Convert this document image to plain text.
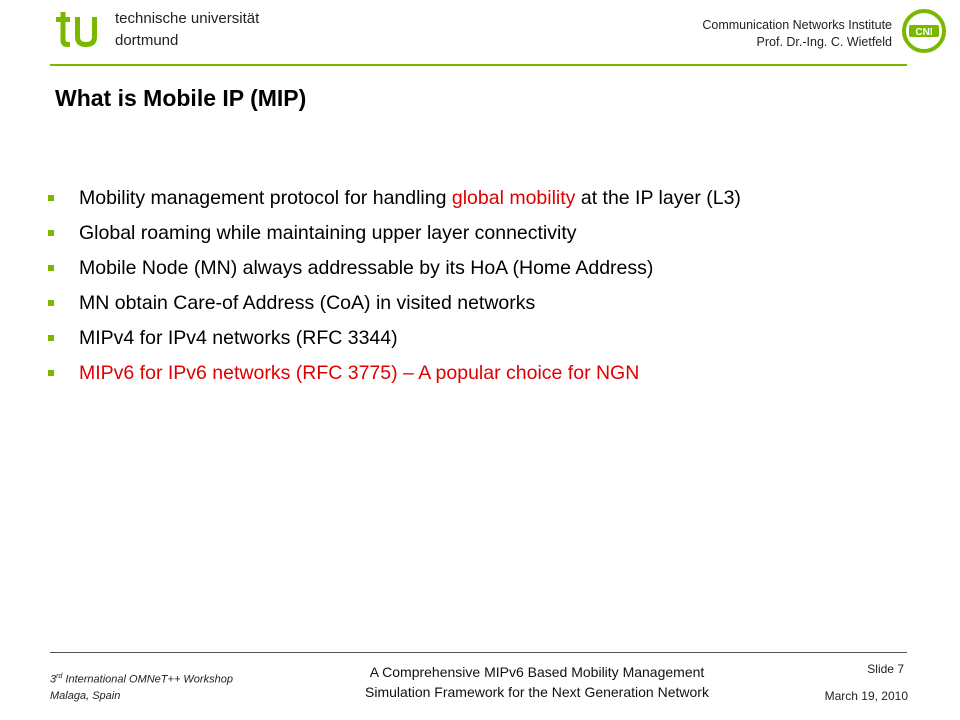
technische universität
dortmund
Communication Networks Institute
Prof. Dr.-Ing. C. Wietfeld
CNI
What is Mobile IP (MIP)
Mobility management protocol for handling global mobility at the IP layer (L3)
Global roaming while maintaining upper layer connectivity
Mobile Node (MN) always addressable by its HoA (Home Address)
MN obtain Care-of Address (CoA) in visited networks
MIPv4 for IPv4 networks (RFC 3344)
MIPv6 for IPv6 networks (RFC 3775) – A popular choice for NGN
3rd International OMNeT++ Workshop
Malaga, Spain
A Comprehensive MIPv6 Based Mobility Management
Simulation Framework for the Next Generation Network
Slide 7
March 19, 2010
